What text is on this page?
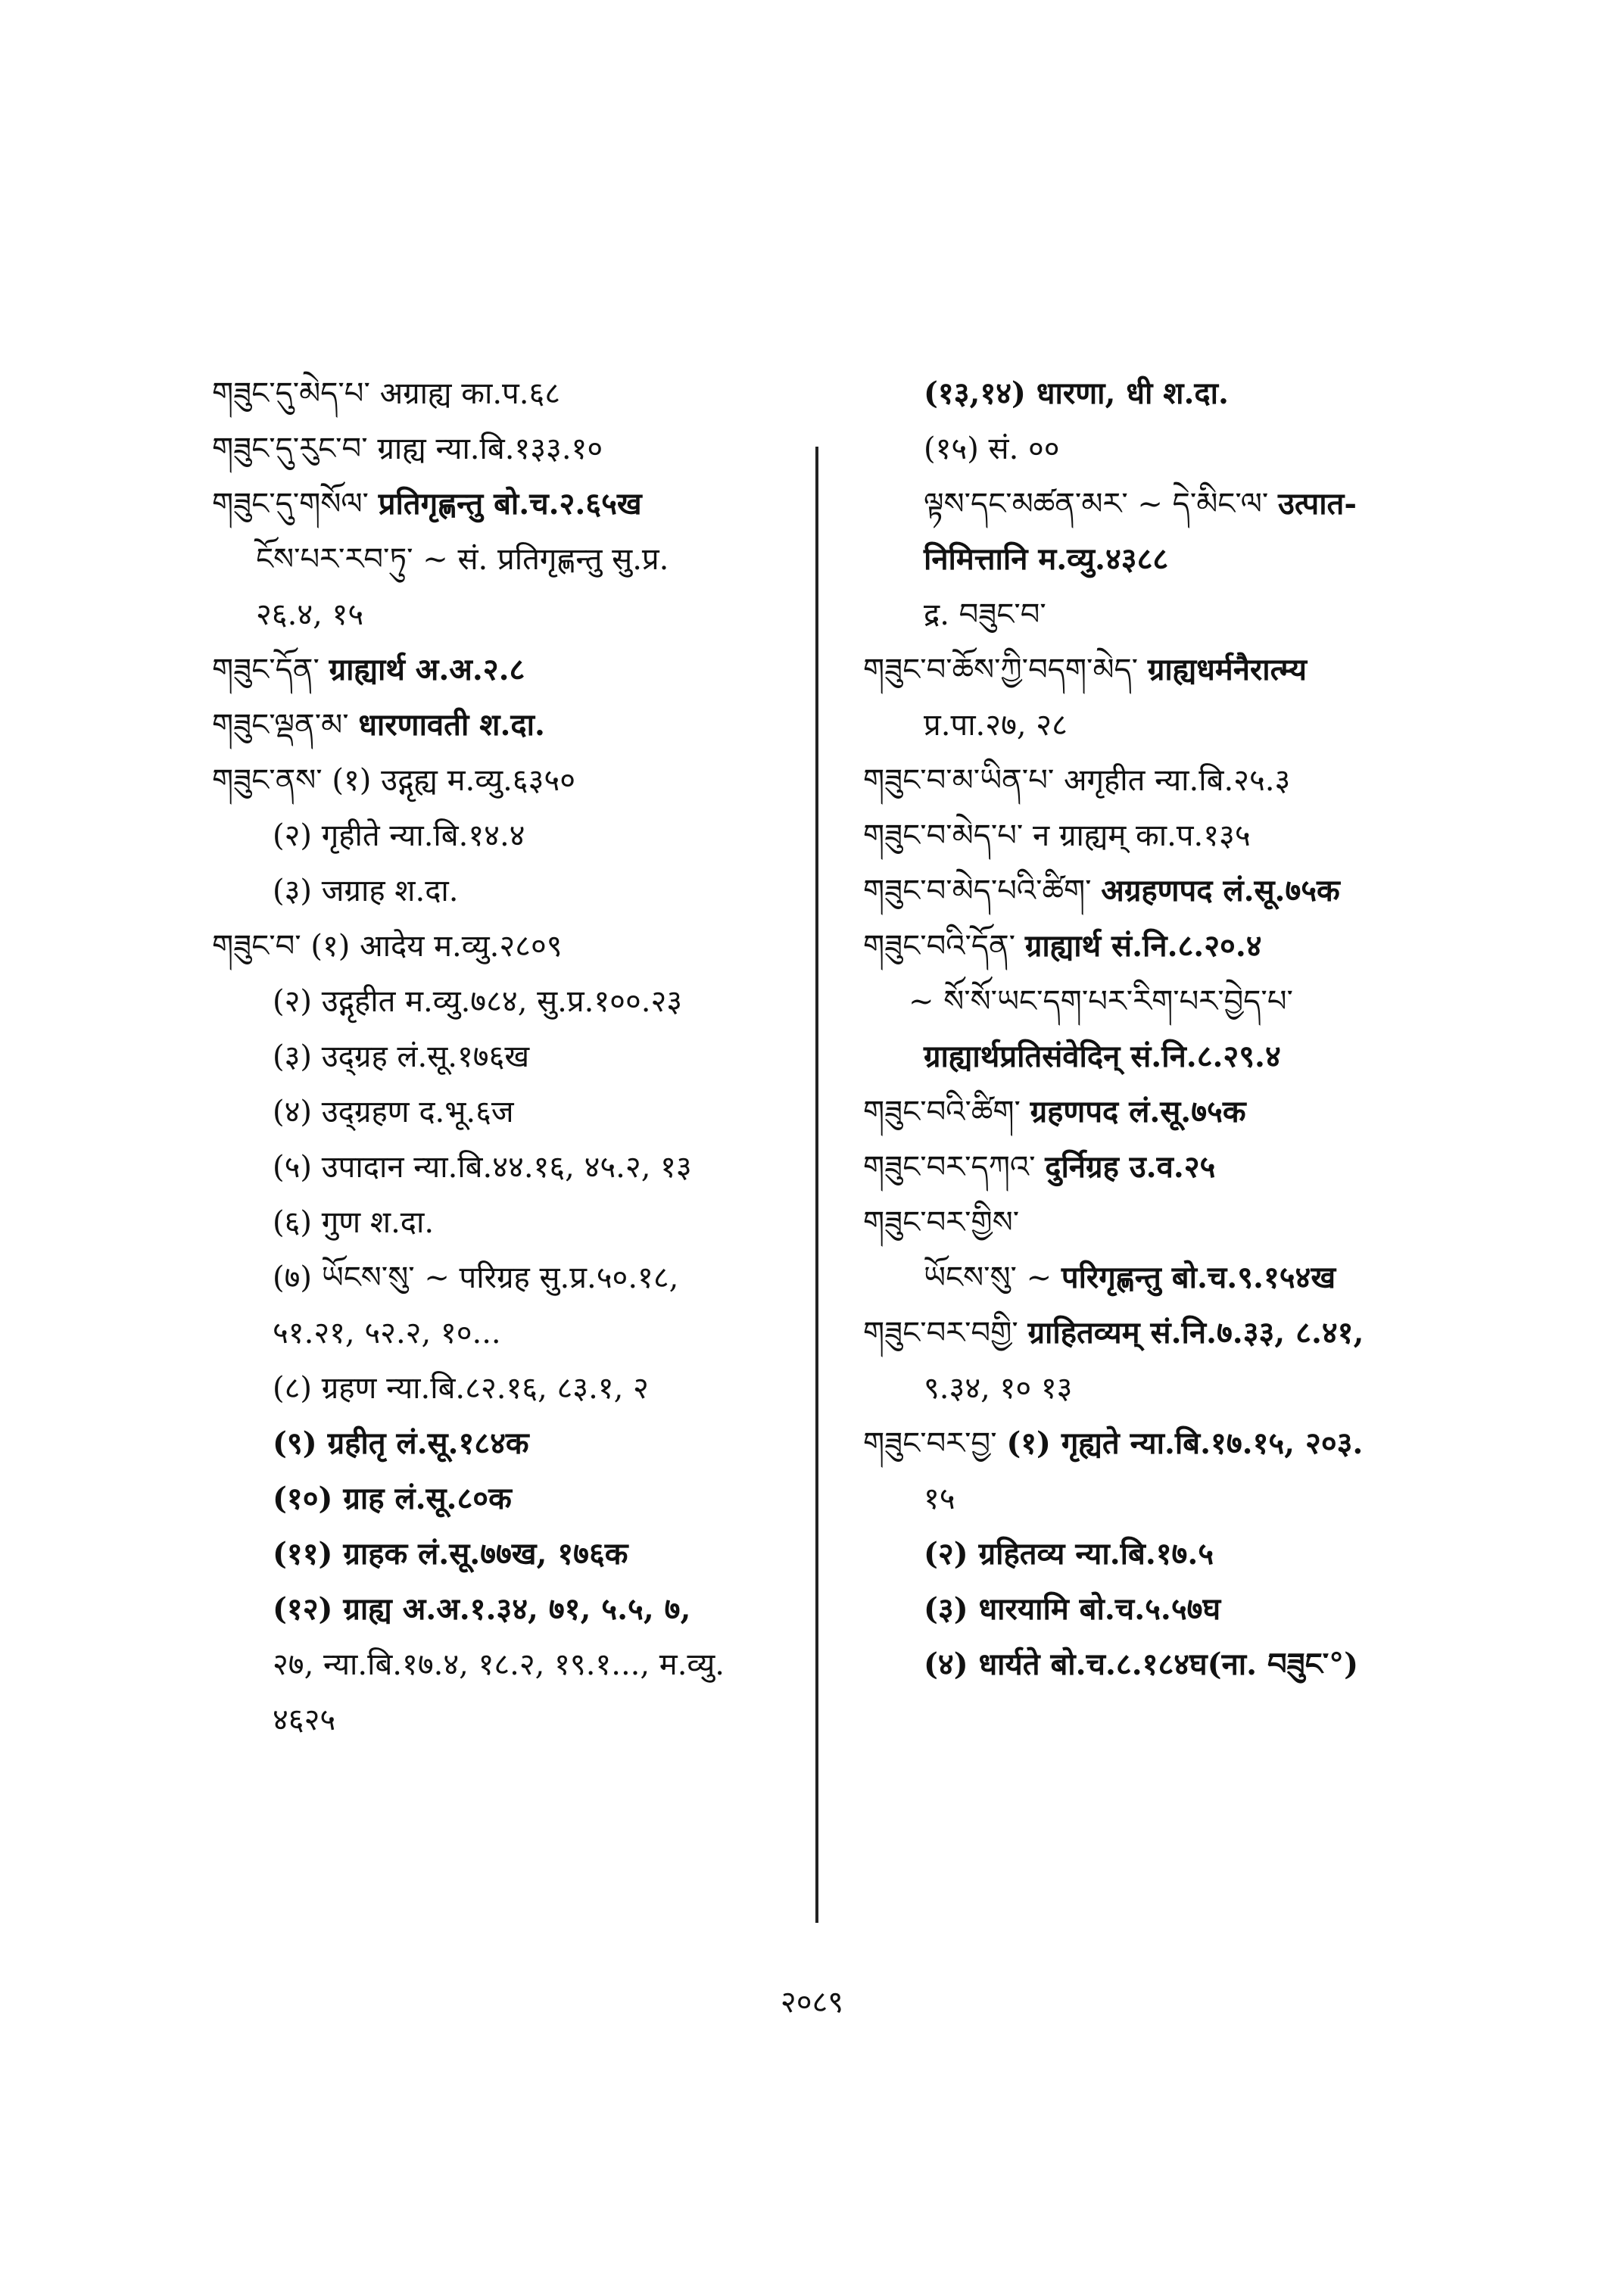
གཟུང་དུ་མེད་པ་ अग्राह्य का.प.६८
གཟུང་དུ་རུང་བ་ ग्राह्य न्या.बि.१३३.१०
གཟུང་དུ་གསོལ་ प्रतिगृह्णन्तु बो.च.२.६५ख
ངོས་པར་རབ་ཏུ་ ~ सं. प्रतिगृह्णन्तु सु.प्र.
२६.४, १५
གཟུང་དོན་ ग्राह्यार्थ अ.अ.२.८
གཟུང་ལྡན་མ་ धारणावती श.दा.
གཟུང་ནས་ (१) उद्गृह्य म.व्यु.६३५०
(२) गृहीते न्या.बि.१४.४
(३) जग्राह श.दा.
གཟུང་བ་ (१) आदेय म.व्यु.२८०९
(२) उद्गृहीत म.व्यु.७८४, सु.प्र.१००.२३
(३) उद्ग्रह लं.सू.१७६ख
(४) उद्ग्रहण द.भू.६ज
(५) उपादान न्या.बि.४४.१६, ४५.२, १३
(६) गुण श.दा.
(७) ཡོངས་སུ་ ~ परिग्रह सु.प्र.५०.१८,
५१.२१, ५२.२, १०...
(८) ग्रहण न्या.बि.८२.१६, ८३.१, २
(९) ग्रहीतृ लं.सू.१८४क
(१०) ग्राह लं.सू.८०क
(११) ग्राहक लं.सू.७७ख, १७६क
(१२) ग्राह्य अ.अ.१.३४, ७१, ५.५, ७,
२७, न्या.बि.१७.४, १८.२, १९.१..., म.व्यु.
४६२५
(१३,१४) धारणा, धी श.दा.
(१५) सं. ००
ལྟས་དང་མཚན་མར་ ~ དེ་མིང་ལ་ उत्पात-
निमित्तानि म.व्यु.४३८८
द्र. བཟུང་བ་
གཟུང་བ་ཆོས་ཀྱི་བདག་མེད་ ग्राह्यधर्मनैरात्म्य
प्र.पा.२७, २८
གཟུང་བ་མ་ཡིན་པ་ अगृहीत न्या.बि.२५.३
གཟུང་བ་མེད་པ་ न ग्राह्यम् का.प.१३५
གཟུང་བ་མེད་པའི་ཚིག་ अग्रहणपद लं.सू.७५क
གཟུང་བའི་དོན་ ग्राह्यार्थ सं.नि.८.२०.४
~ སོ་སོ་ཡང་དག་པར་རིག་པར་བྱེད་པ་
ग्राह्यार्थप्रतिसंवेदिन् सं.नि.८.२९.४
གཟུང་བའི་ཚིག་ ग्रहणपद लं.सू.७५क
གཟུང་བར་དཀའ་ दुर्निग्रह उ.व.२५
གཟུང་བར་གྱིས་
ཡོངས་སུ་ ~ परिगृह्णन्तु बो.च.९.१५४ख
གཟུང་བར་བགྱི་ ग्राहितव्यम् सं.नि.७.३३, ८.४१,
९.३४, १० १३
གཟུང་བར་བྱ་ (१) गृह्यते न्या.बि.१७.१५, २०३.
१५
(२) ग्रहितव्य न्या.बि.१७.५
(३) धारयामि बो.च.५.५७घ
(४) धार्यते बो.च.८.१८४घ(ना. བཟུང་°)
२०८९
